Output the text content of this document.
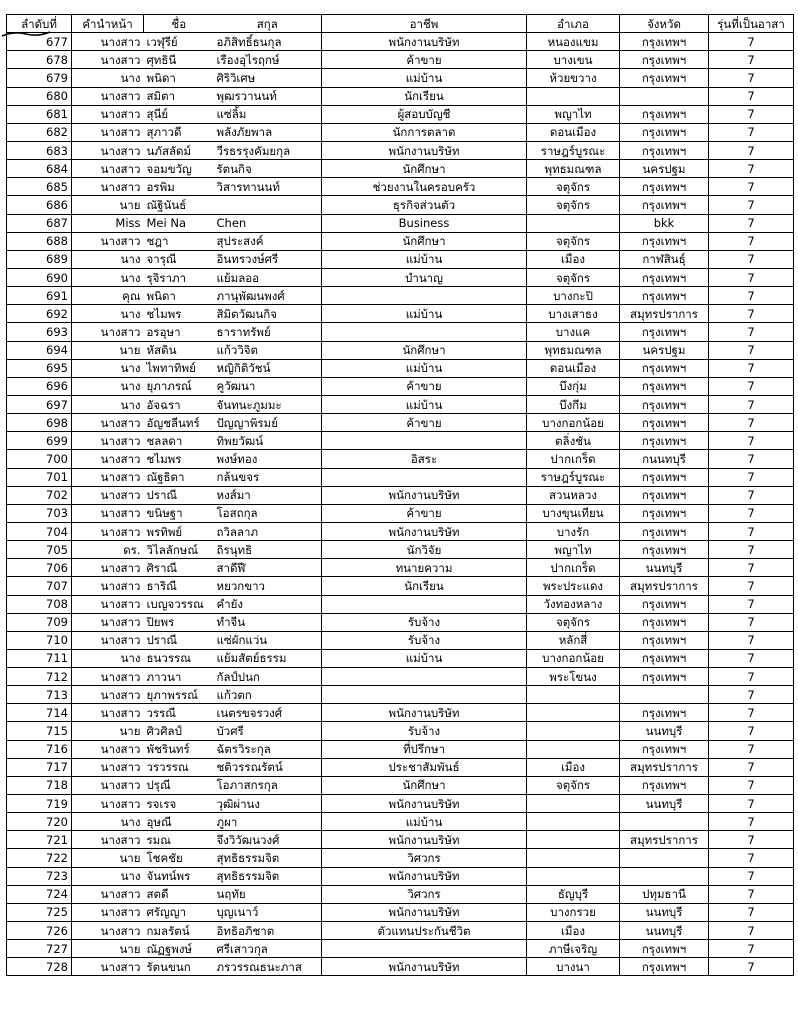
ลำดับที่	คำนำหน้า	ชื่อ	สกุล	อาชีพ	อำเภอ	จังหวัด	รุ่นที่เป็นอาสา
677	นางสาว	เวฬุรีย์	อภิสิทธิ์ธนกุล	พนักงานบริษัท	หนองแขม	กรุงเทพฯ	7
678	นางสาว	ศุทธินี	เรืองอุไรฤกษ์	ค้าขาย	บางเขน	กรุงเทพฯ	7
679	นาง	พนิดา	ศิริวิเศษ	แม่บ้าน	ห้วยขวาง	กรุงเทพฯ	7
680	นางสาว	สมิตา	พุฒรวานนท์	นักเรียน			7
681	นางสาว	สุนีย์	แซ่ลิ้ม	ผู้สอบบัญชี	พญาไท	กรุงเทพฯ	7
682	นางสาว	สุภาวดี	พลังภัยพาล	นักการตลาด	ดอนเมือง	กรุงเทพฯ	7
683	นางสาว	นภัสลัดม์	วีรธรรุงคัมยกุล	พนักงานบริษัท	ราษฎร์บูรณะ	กรุงเทพฯ	7
684	นางสาว	จอมขวัญ	รัตนกิจ	นักศึกษา	พุทธมณฑล	นครปฐม	7
685	นางสาว	อรพิม	วิสารทานนท์	ช่วยงานในครอบครัว	จตุจักร	กรุงเทพฯ	7
686	นาย	ณัฐินันธ์		ธุรกิจส่วนตัว	จตุจักร	กรุงเทพฯ	7
687	Miss	Mei Na	Chen	Business		bkk	7
688	นางสาว	ชฎา	สุประสงค์	นักศึกษา	จตุจักร	กรุงเทพฯ	7
689	นาง	จารุณี	อินทรวงษ์ศรี	แม่บ้าน	เมือง	กาฬสินธุ์	7
690	นาง	รุจิราภา	แย้มลออ	บำนาญ	จตุจักร	กรุงเทพฯ	7
691	คุณ	พนิดา	ภานุพัฒนพงศ์		บางกะปิ	กรุงเทพฯ	7
692	นาง	ชไมพร	สิมิตวัฒนกิจ	แม่บ้าน	บางเสาธง	สมุทรปราการ	7
693	นางสาว	อรอุษา	ธาราทรัพย์		บางแค	กรุงเทพฯ	7
694	นาย	หัสดิน	แก้ววิจิต	นักศึกษา	พุทธมณฑล	นครปฐม	7
695	นาง	ไพทาทิพย์	หญิกิติวัชน์	แม่บ้าน	ดอนเมือง	กรุงเทพฯ	7
696	นาง	ยุภาภรณ์	คูวัฒนา	ค้าขาย	บึงกุ่ม	กรุงเทพฯ	7
697	นาง	อัจฉรา	จันทนะภูมมะ	แม่บ้าน	บึงกึม	กรุงเทพฯ	7
698	นางสาว	อัญชลีนทร์	ปัญญาพิรมย์	ค้าขาย	บางกอกน้อย	กรุงเทพฯ	7
699	นางสาว	ชลลดา	ทิพยวัฒน์		ตลิ่งชัน	กรุงเทพฯ	7
700	นางสาว	ชไมพร	พงษ์ทอง	อิสระ	ปากเกร็ด	กนนทบุรี	7
701	นางสาว	ณัฐธิดา	กล้นขจร		ราษฎร์บูรณะ	กรุงเทพฯ	7
702	นางสาว	ปราณี	หงส์มา	พนักงานบริษัท	สวนหลวง	กรุงเทพฯ	7
703	นางสาว	ขนิษฐา	โอสถกุล	ค้าขาย	บางขุนเทียน	กรุงเทพฯ	7
704	นางสาว	พรทิพย์	ถวิลลาภ	พนักงานบริษัท	บางรัก	กรุงเทพฯ	7
705	ดร.	วิไลลักษณ์	ถิรนุทธิ	นักวิจัย	พญาไท	กรุงเทพฯ	7
706	นางสาว	ศิราณี	สาดีฬี	ทนายความ	ปากเกร็ด	นนทบุรี	7
707	นางสาว	ธาริณี	หยวกขาว	นักเรียน	พระประแดง	สมุทรปราการ	7
708	นางสาว	เบญจวรรณ	คำยัง		วังทองหลาง	กรุงเทพฯ	7
709	นางสาว	ปิยพร	ทำจีน	รับจ้าง	จตุจักร	กรุงเทพฯ	7
710	นางสาว	ปราณี	แซ่ผักแว่น	รับจ้าง	หลักสี่	กรุงเทพฯ	7
711	นาง	ธนวรรณ	แย้มสัตย์ธรรม	แม่บ้าน	บางกอกน้อย	กรุงเทพฯ	7
712	นางสาว	ภาวนา	กัลป์ปนก		พระโขนง	กรุงเทพฯ	7
713	นางสาว	ยุภาพรรณ์	แก้วตก				7
714	นางสาว	วรรณี	เนตรขจรวงศ์	พนักงานบริษัท		กรุงเทพฯ	7
715	นาย	ศิวศิลป์	บัวศรี	รับจ้าง		นนทบุรี	7
716	นางสาว	พัชรินทร์	ฉัตรวิระกุล	ที่ปรึกษา		กรุงเทพฯ	7
717	นางสาว	วรวรรณ	ชติวรรณรัตน์	ประชาสัมพันธ์	เมือง	สมุทรปราการ	7
718	นางสาว	ปรุณี	โอภาสกรกุล	นักศึกษา	จตุจักร	กรุงเทพฯ	7
719	นางสาว	รจเรจ	วุฒิผ่านง	พนักงานบริษัท		นนทบุรี	7
720	นาง	อุษณี	ภูผา	แม่บ้าน			7
721	นางสาว	รมณ	จึงวิวัฒนวงศ์	พนักงานบริษัท		สมุทรปราการ	7
722	นาย	โชคชัย	สุทธิธรรมจิต	วิศวกร			7
723	นาง	จันทน์พร	สุทธิธรรมจิต	พนักงานบริษัท			7
724	นางสาว	สตดี	นฤทัย	วิศวกร	ธัญบุรี	ปทุมธานี	7
725	นางสาว	ศรัญญา	บุญเนาว์	พนักงานบริษัท	บางกรวย	นนทบุรี	7
726	นางสาว	กมลรัตน์	อิทธิอภิชาต	ตัวแทนประกันชีวิต	เมือง	นนทบุรี	7
727	นาย	ณัฏฐพงษ์	ศรีเสาวกุล		ภาษีเจริญ	กรุงเทพฯ	7
728	นางสาว	รัตนขนก	ภรวรรณธนะภาส	พนักงานบริษัท	บางนา	กรุงเทพฯ	7
